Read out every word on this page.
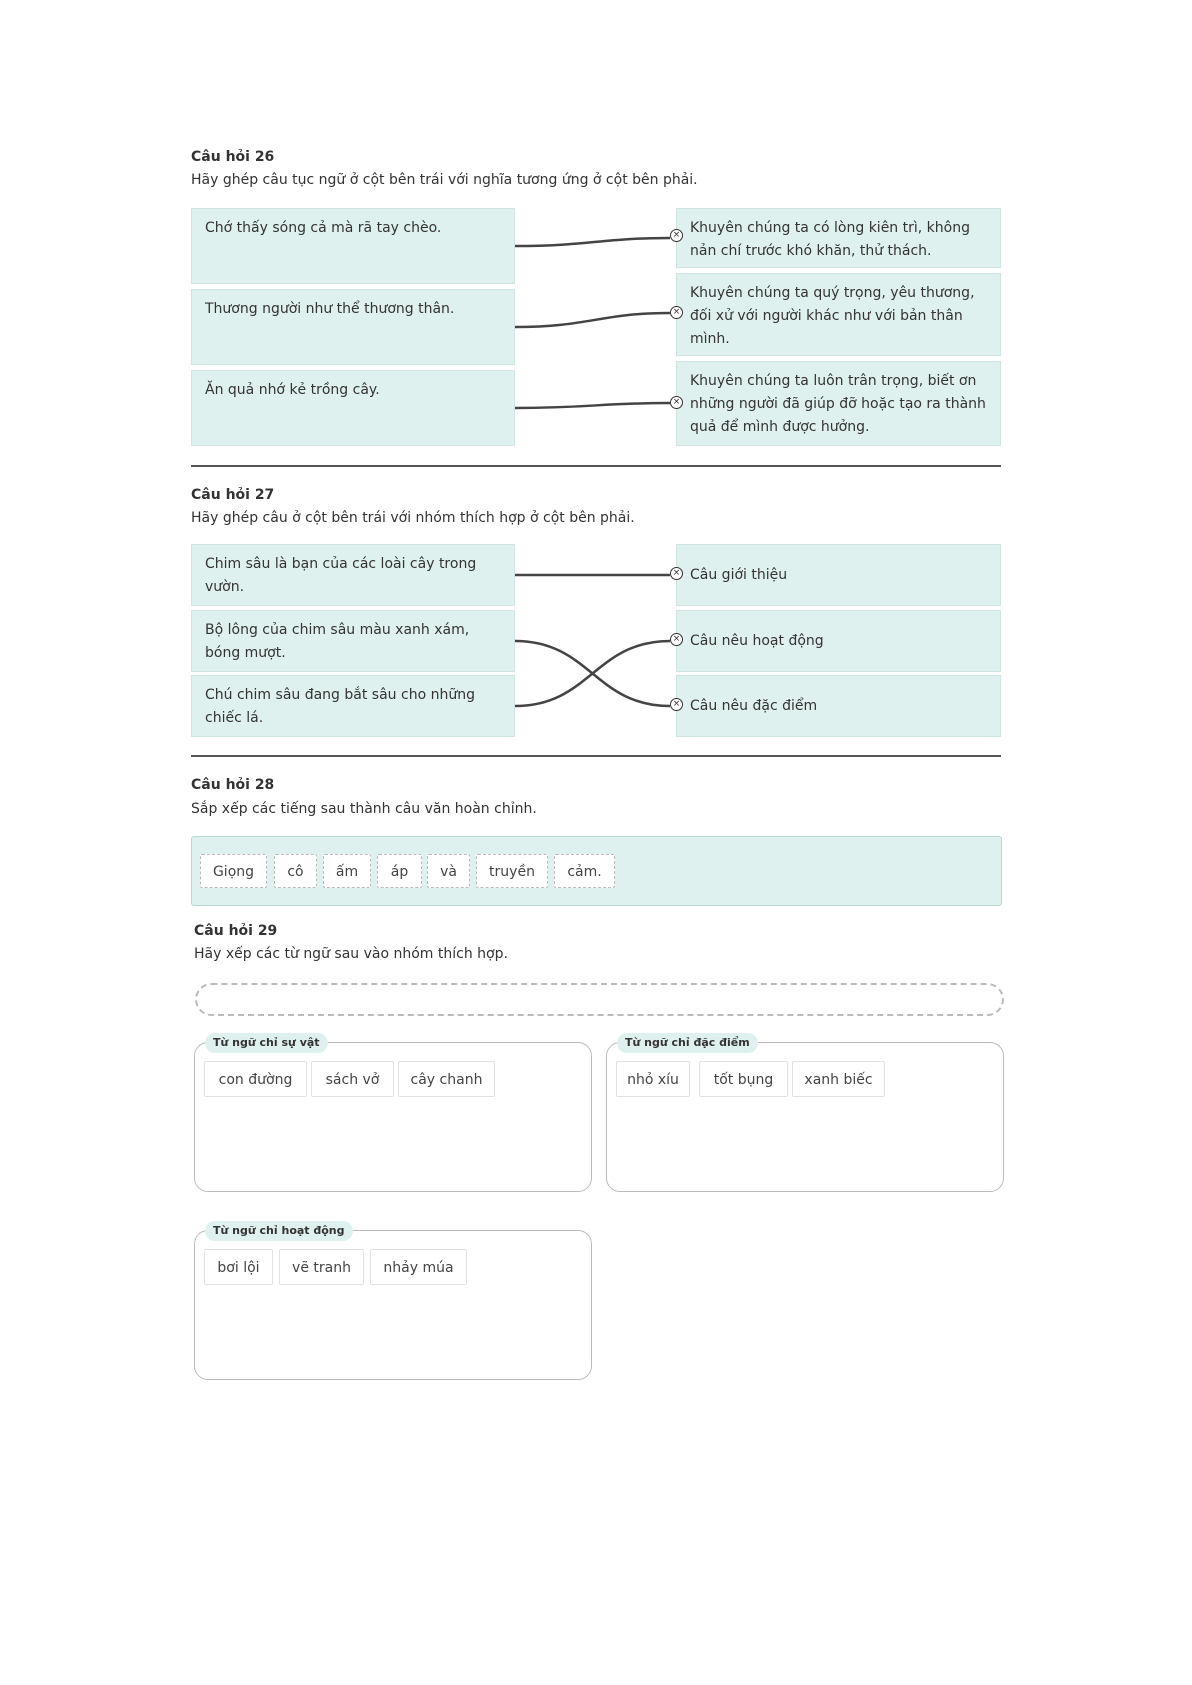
Câu hỏi 26
Hãy ghép câu tục ngữ ở cột bên trái với nghĩa tương ứng ở cột bên phải.
Chớ thấy sóng cả mà rã tay chèo.
Thương người như thể thương thân.
Ăn quả nhớ kẻ trồng cây.
Khuyên chúng ta có lòng kiên trì, không nản chí trước khó khăn, thử thách.
Khuyên chúng ta quý trọng, yêu thương, đối xử với người khác như với bản thân mình.
Khuyên chúng ta luôn trân trọng, biết ơn những người đã giúp đỡ hoặc tạo ra thành quả để mình được hưởng.
Câu hỏi 27
Hãy ghép câu ở cột bên trái với nhóm thích hợp ở cột bên phải.
Chim sâu là bạn của các loài cây trong vườn.
Bộ lông của chim sâu màu xanh xám, bóng mượt.
Chú chim sâu đang bắt sâu cho những chiếc lá.
Câu giới thiệu
Câu nêu hoạt động
Câu nêu đặc điểm
×
×
×
×
×
×
Câu hỏi 28
Sắp xếp các tiếng sau thành câu văn hoàn chỉnh.
Giọng	cô	ấm	áp	và	truyền	cảm.
Câu hỏi 29
Hãy xếp các từ ngữ sau vào nhóm thích hợp.
Từ ngữ chỉ sự vật
con đường	sách vở	cây chanh
Từ ngữ chỉ đặc điểm
nhỏ xíu	tốt bụng	xanh biếc
Từ ngữ chỉ hoạt động
bơi lội	vẽ tranh	nhảy múa
